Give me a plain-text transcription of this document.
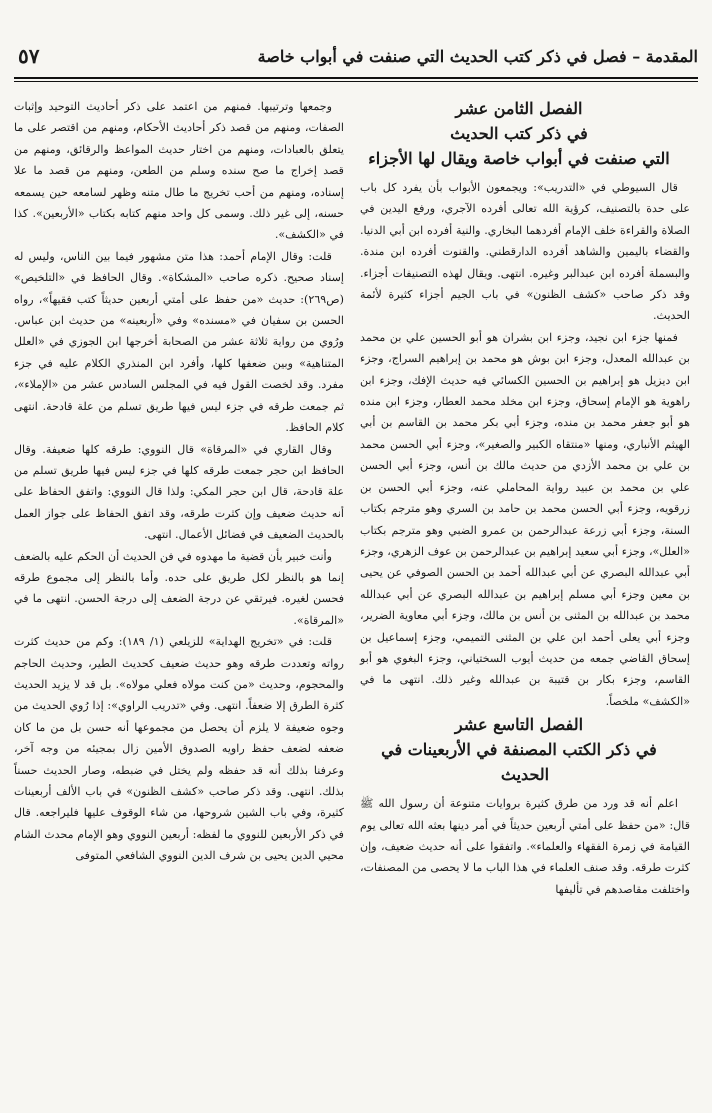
٥٧	المقدمة – فصل في ذكر كتب الحديث التي صنفت في أبواب خاصة

الفصل الثامن عشر

في ذكر كتب الحديث

التي صنفت في أبواب خاصة ويقال لها الأجزاء

قال السيوطي في «التدريب»: ويجمعون الأبواب بأن يفرد كل باب على حدة بالتصنيف، كرؤية الله تعالى أفرده الآجري، ورفع اليدين في الصلاة والقراءة خلف الإمام أفردهما البخاري. والنية أفرده ابن أبي الدنيا. والقضاء باليمين والشاهد أفرده الدارقطني. والقنوت أفرده ابن مندة. والبسملة أفرده ابن عبدالبر وغيره. انتهى. ويقال لهذه التصنيفات أجزاء. وقد ذكر صاحب «كشف الظنون» في باب الجيم أجزاء كثيرة لأئمة الحديث.

فمنها جزء ابن نجيد، وجزء ابن بشران هو أبو الحسين علي بن محمد بن عبدالله المعدل، وجزء ابن بوش هو محمد بن إبراهيم السراج، وجزء ابن ديزيل هو إبراهيم بن الحسين الكسائي فيه حديث الإفك، وجزء ابن راهوية هو الإمام إسحاق، وجزء ابن مخلد محمد العطار، وجزء ابن منده هو أبو جعفر محمد بن منده، وجزء أبي بكر محمد بن القاسم بن أبي الهيثم الأنباري، ومنها «منتقاه الكبير والصغير»، وجزء أبي الحسن محمد بن علي بن محمد الأزدي من حديث مالك بن أنس، وجزء أبي الحسن علي بن محمد بن عبيد رواية المحاملي عنه، وجزء أبي الحسن بن زرقويه، وجزء أبي الحسن محمد بن حامد بن السري وهو مترجم بكتاب السنة، وجزء أبي زرعة عبدالرحمن بن عمرو الضبي وهو مترجم بكتاب «العلل»، وجزء أبي سعيد إبراهيم بن عبدالرحمن بن عوف الزهري، وجزء أبي عبدالله البصري عن أبي عبدالله أحمد بن الحسن الصوفي عن يحيى بن معين وجزء أبي مسلم إبراهيم بن عبدالله البصري عن أبي عبدالله محمد بن عبدالله بن المثنى بن أنس بن مالك، وجزء أبي معاوية الضرير، وجزء أبي يعلى أحمد ابن علي بن المثنى التميمي، وجزء إسماعيل بن إسحاق القاضي جمعه من حديث أيوب السختياني، وجزء البغوي هو أبو القاسم، وجزء بكار بن قتيبة بن عبدالله وغير ذلك. انتهى ما في «الكشف» ملخصاً.

الفصل التاسع عشر

في ذكر الكتب المصنفة في الأربعينات في الحديث

اعلم أنه قد ورد من طرق كثيرة بروايات متنوعة أن رسول الله ﷺ قال: «من حفظ على أمتي أربعين حديثاً في أمر دينها بعثه الله تعالى يوم القيامة في زمرة الفقهاء والعلماء». واتفقوا على أنه حديث ضعيف، وإن كثرت طرقه. وقد صنف العلماء في هذا الباب ما لا يحصى من المصنفات، واختلفت مقاصدهم في تأليفها

وجمعها وترتيبها. فمنهم من اعتمد على ذكر أحاديث التوحيد وإثبات الصفات، ومنهم من قصد ذكر أحاديث الأحكام، ومنهم من اقتصر على ما يتعلق بالعبادات، ومنهم من اختار حديث المواعظ والرقائق، ومنهم من قصد إخراج ما صح سنده وسلم من الطعن، ومنهم من قصد ما علا إسناده، ومنهم من أحب تخريج ما طال متنه وظهر لسامعه حين يسمعه حسنه، إلى غير ذلك. وسمى كل واحد منهم كتابه بكتاب «الأربعين». كذا في «الكشف».

قلت: وقال الإمام أحمد: هذا متن مشهور فيما بين الناس، وليس له إسناد صحيح. ذكره صاحب «المشكاة». وقال الحافظ في «التلخيص» (ص٢٦٩): حديث «من حفظ على أمتي أربعين حديثاً كتب فقيهاً»، رواه الحسن بن سفيان في «مسنده» وفي «أربعينه» من حديث ابن عباس. ورُوي من رواية ثلاثة عشر من الصحابة أخرجها ابن الجوزي في «العلل المتناهية» وبين ضعفها كلها، وأفرد ابن المنذري الكلام عليه في جزء مفرد. وقد لخصت القول فيه في المجلس السادس عشر من «الإملاء»، ثم جمعت طرقه في جزء ليس فيها طريق تسلم من علة قادحة. انتهى كلام الحافظ.

وقال القاري في «المرقاة» قال النووي: طرقه كلها ضعيفة. وقال الحافظ ابن حجر جمعت طرقه كلها في جزء ليس فيها طريق تسلم من علة قادحة، قال ابن حجر المكي: ولذا قال النووي: واتفق الحفاظ على أنه حديث ضعيف وإن كثرت طرقه، وقد اتفق الحفاظ على جواز العمل بالحديث الضعيف في فضائل الأعمال. انتهى.

وأنت خبير بأن قضية ما مهدوه في فن الحديث أن الحكم عليه بالضعف إنما هو بالنظر لكل طريق على حده. وأما بالنظر إلى مجموع طرقه فحسن لغيره. فيرتقي عن درجة الضعف إلى درجة الحسن. انتهى ما في «المرقاة».

قلت: في «تخريج الهداية» للزيلعي (١/ ١٨٩): وكم من حديث كثرت رواته وتعددت طرقه وهو حديث ضعيف كحديث الطير، وحديث الحاجم والمحجوم، وحديث «من كنت مولاه فعلي مولاه». بل قد لا يزيد الحديث كثرة الطرق إلا ضعفاً. انتهى. وفي «تدريب الراوي»: إذا رُوي الحديث من وجوه ضعيفة لا يلزم أن يحصل من مجموعها أنه حسن بل من ما كان ضعفه لضعف حفظ راويه الصدوق الأمين زال بمجيئه من وجه آخر، وعرفنا بذلك أنه قد حفظه ولم يختل في ضبطه، وصار الحديث حسناً بذلك. انتهى. وقد ذكر صاحب «كشف الظنون» في باب الألف أربعينات كثيرة، وفي باب الشين شروحها، من شاء الوقوف عليها فليراجعه. قال في ذكر الأربعين للنووي ما لفظه: أربعين النووي وهو الإمام محدث الشام محيي الدين يحيى بن شرف الدين النووي الشافعي المتوفى
